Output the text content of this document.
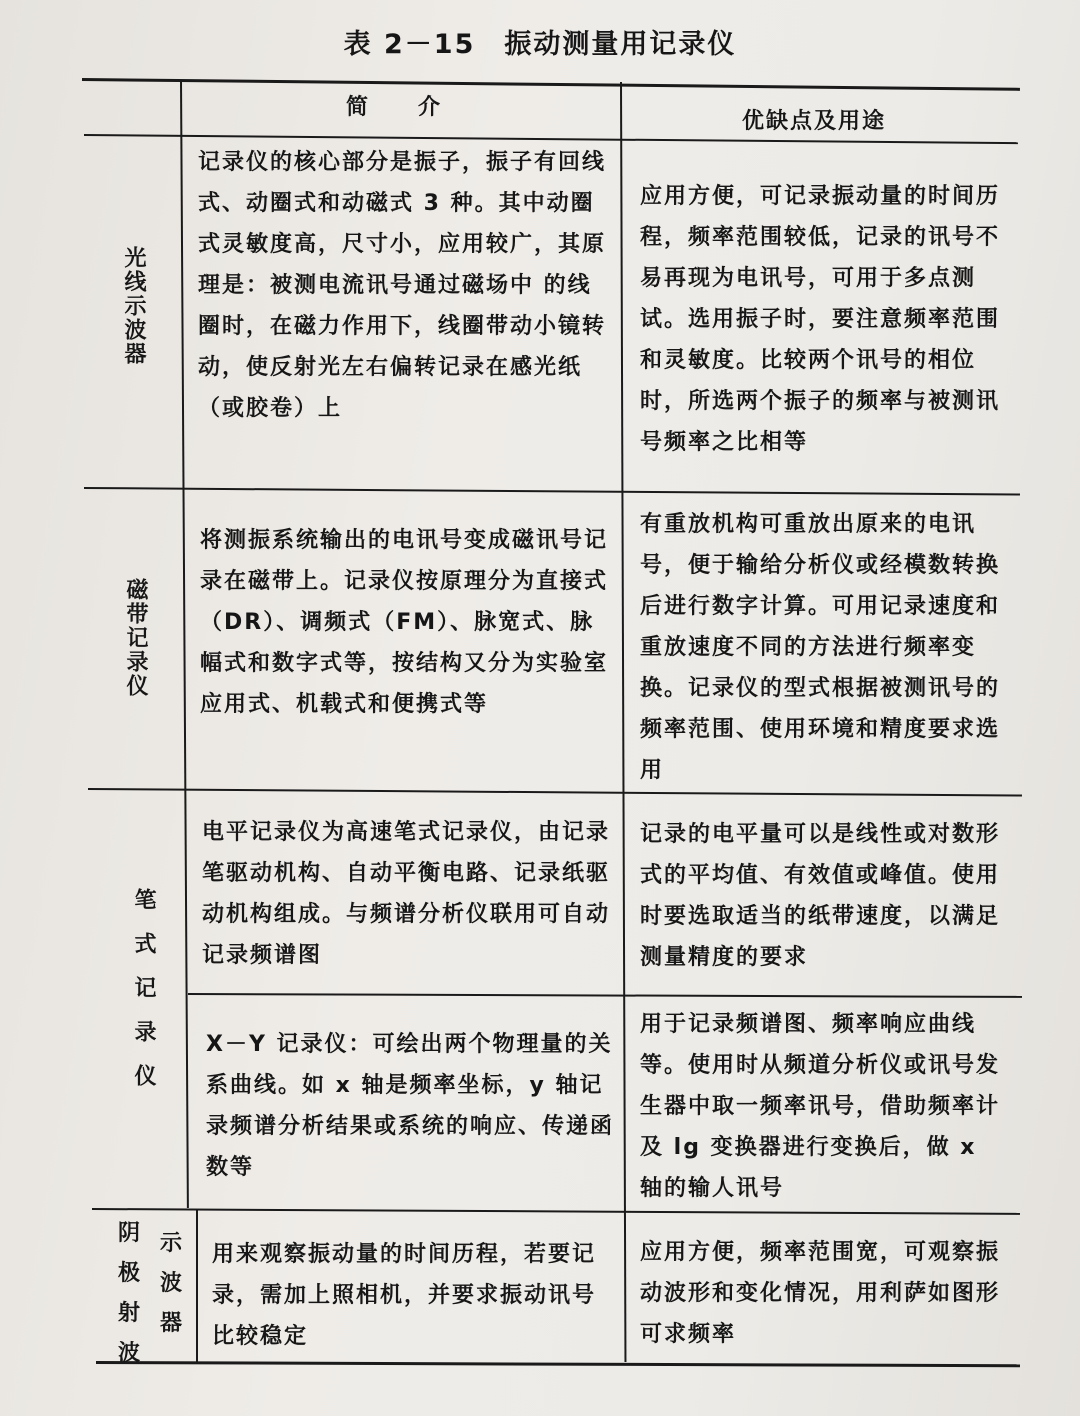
表 2－15　振动测量用记录仪
简　介
优缺点及用途
光线示波器
记录仪的核心部分是振子，振子有回线式、动圈式和动磁式 3 种。其中动圈式灵敏度高，尺寸小，应用较广，其原理是：被测电流讯号通过磁场中 的线圈时，在磁力作用下，线圈带动小镜转动，使反射光左右偏转记录在感光纸（或胶卷）上
应用方便，可记录振动量的时间历程，频率范围较低，记录的讯号不易再现为电讯号，可用于多点测试。选用振子时，要注意频率范围和灵敏度。比较两个讯号的相位时，所选两个振子的频率与被测讯号频率之比相等
磁带记录仪
将测振系统输出的电讯号变成磁讯号记录在磁带上。记录仪按原理分为直接式（DR）、调频式（FM）、脉宽式、脉幅式和数字式等，按结构又分为实验室应用式、机载式和便携式等
有重放机构可重放出原来的电讯号，便于输给分析仪或经模数转换后进行数字计算。可用记录速度和重放速度不同的方法进行频率变换。记录仪的型式根据被测讯号的频率范围、使用环境和精度要求选用
笔式记录仪
电平记录仪为高速笔式记录仪，由记录笔驱动机构、自动平衡电路、记录纸驱动机构组成。与频谱分析仪联用可自动记录频谱图
记录的电平量可以是线性或对数形式的平均值、有效值或峰值。使用时要选取适当的纸带速度，以满足测量精度的要求
X－Y 记录仪：可绘出两个物理量的关系曲线。如 x 轴是频率坐标，y 轴记录频谱分析结果或系统的响应、传递函数等
用于记录频谱图、频率响应曲线等。使用时从频道分析仪或讯号发生器中取一频率讯号，借助频率计及 lg 变换器进行变换后，做 x 轴的输人讯号
阴极射波
示波器
用来观察振动量的时间历程，若要记录，需加上照相机，并要求振动讯号比较稳定
应用方便，频率范围宽，可观察振动波形和变化情况，用利萨如图形可求频率
